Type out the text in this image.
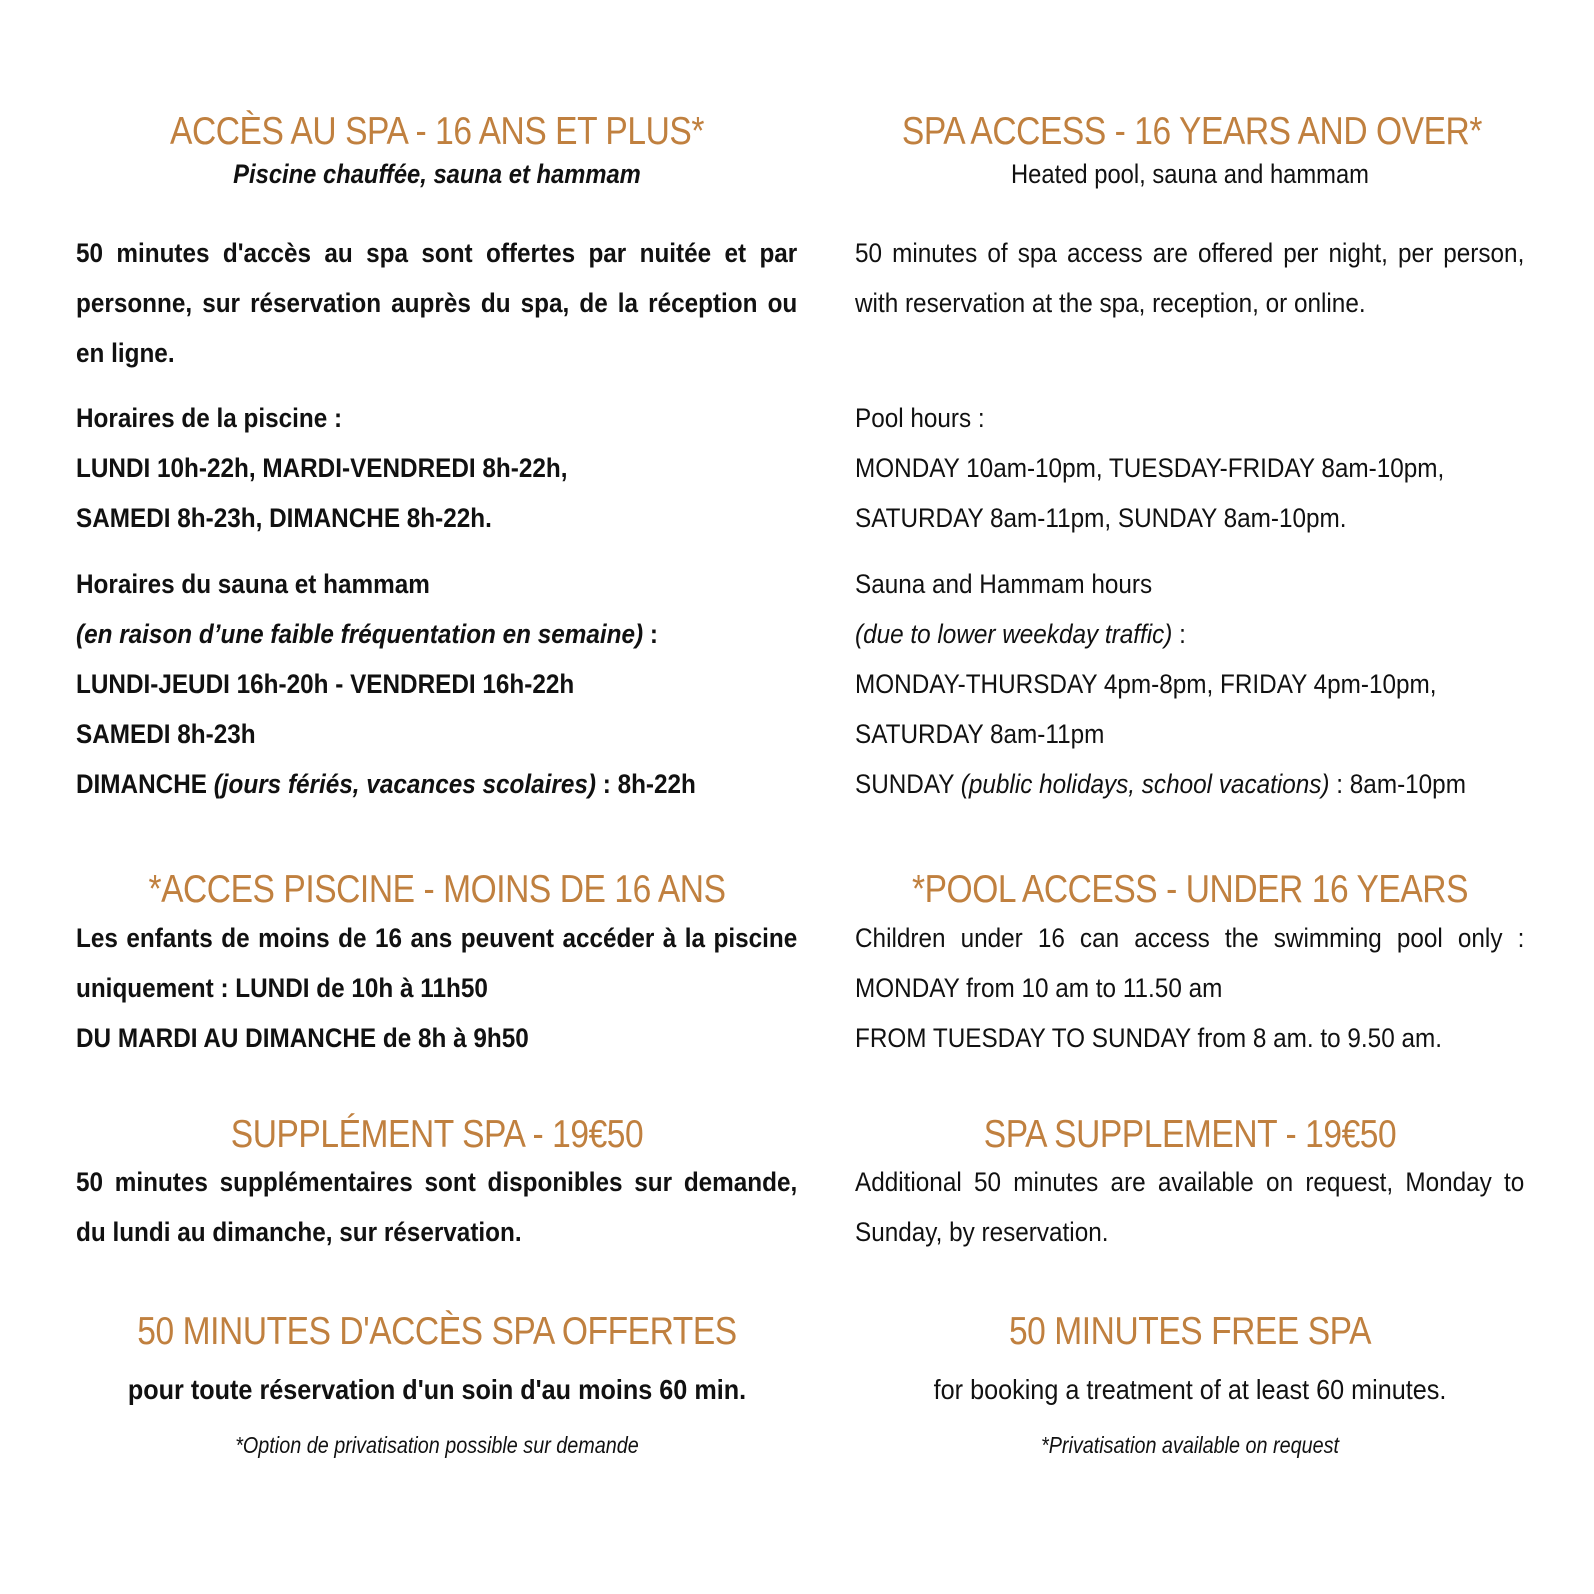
ACCÈS AU SPA - 16 ANS ET PLUS*
Piscine chauffée, sauna et hammam
50 minutes d'accès au spa sont offertes par nuitée et par personne, sur réservation auprès du spa, de la réception ou en ligne.
Horaires de la piscine :
LUNDI 10h-22h, MARDI-VENDREDI 8h-22h,
SAMEDI 8h-23h, DIMANCHE 8h-22h.
Horaires du sauna et hammam
(en raison d’une faible fréquentation en semaine) :
LUNDI-JEUDI 16h-20h - VENDREDI 16h-22h
SAMEDI 8h-23h
DIMANCHE (jours fériés, vacances scolaires) : 8h-22h
*ACCES PISCINE - MOINS DE 16 ANS
Les enfants de moins de 16 ans peuvent accéder à la piscine uniquement : LUNDI de 10h à 11h50
DU MARDI AU DIMANCHE de 8h à 9h50
SUPPLÉMENT SPA - 19€50
50 minutes supplémentaires sont disponibles sur demande, du lundi au dimanche, sur réservation.
50 MINUTES D'ACCÈS SPA OFFERTES
pour toute réservation d'un soin d'au moins 60 min.
*Option de privatisation possible sur demande
SPA ACCESS - 16 YEARS AND OVER*
Heated pool, sauna and hammam
50 minutes of spa access are offered per night, per person, with reservation at the spa, reception, or online.
Pool hours :
MONDAY 10am-10pm, TUESDAY-FRIDAY 8am-10pm,
SATURDAY 8am-11pm, SUNDAY 8am-10pm.
Sauna and Hammam hours
(due to lower weekday traffic) :
MONDAY-THURSDAY 4pm-8pm, FRIDAY 4pm-10pm,
SATURDAY 8am-11pm
SUNDAY (public holidays, school vacations) : 8am-10pm
*POOL ACCESS - UNDER 16 YEARS
Children under 16 can access the swimming pool only : MONDAY from 10 am to 11.50 am
FROM TUESDAY TO SUNDAY from 8 am. to 9.50 am.
SPA SUPPLEMENT - 19€50
Additional 50 minutes are available on request, Monday to Sunday, by reservation.
50 MINUTES FREE SPA
for booking a treatment of at least 60 minutes.
*Privatisation available on request
